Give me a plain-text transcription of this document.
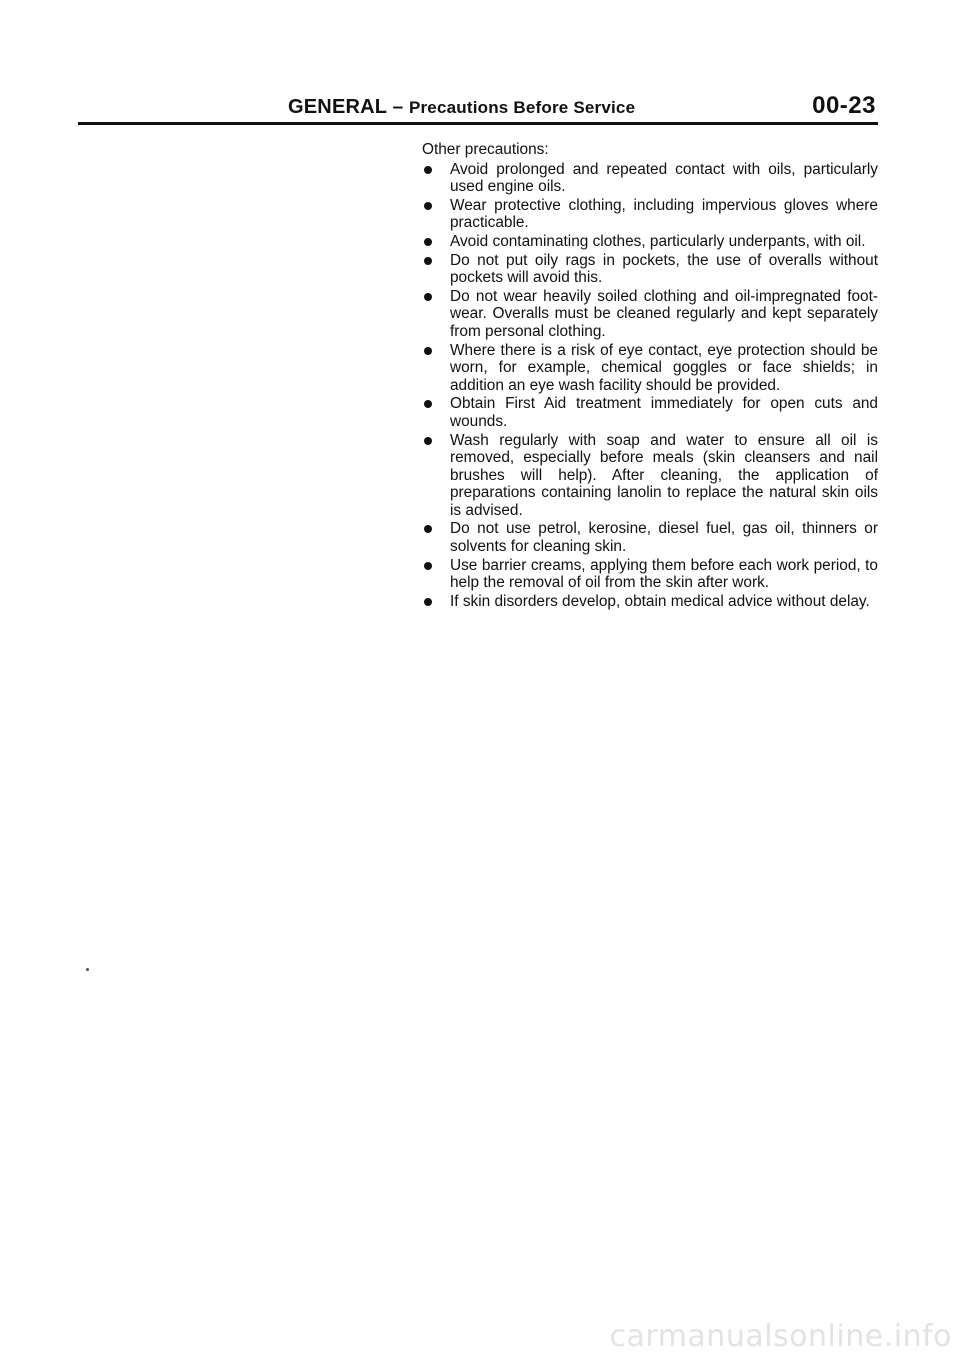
GENERAL – Precautions Before Service	00-23
Other precautions:
Avoid prolonged and repeated contact with oils, particularly used engine oils.
Wear protective clothing, including impervious gloves where practicable.
Avoid contaminating clothes, particularly underpants, with oil.
Do not put oily rags in pockets, the use of overalls without pockets will avoid this.
Do not wear heavily soiled clothing and oil-impregnated foot-wear. Overalls must be cleaned regularly and kept separately from personal clothing.
Where there is a risk of eye contact, eye protection should be worn, for example, chemical goggles or face shields; in addition an eye wash facility should be provided.
Obtain First Aid treatment immediately for open cuts and wounds.
Wash regularly with soap and water to ensure all oil is removed, especially before meals (skin cleansers and nail brushes will help). After cleaning, the application of preparations containing lanolin to replace the natural skin oils is advised.
Do not use petrol, kerosine, diesel fuel, gas oil, thinners or solvents for cleaning skin.
Use barrier creams, applying them before each work period, to help the removal of oil from the skin after work.
If skin disorders develop, obtain medical advice without delay.
carmanualsonline.info
